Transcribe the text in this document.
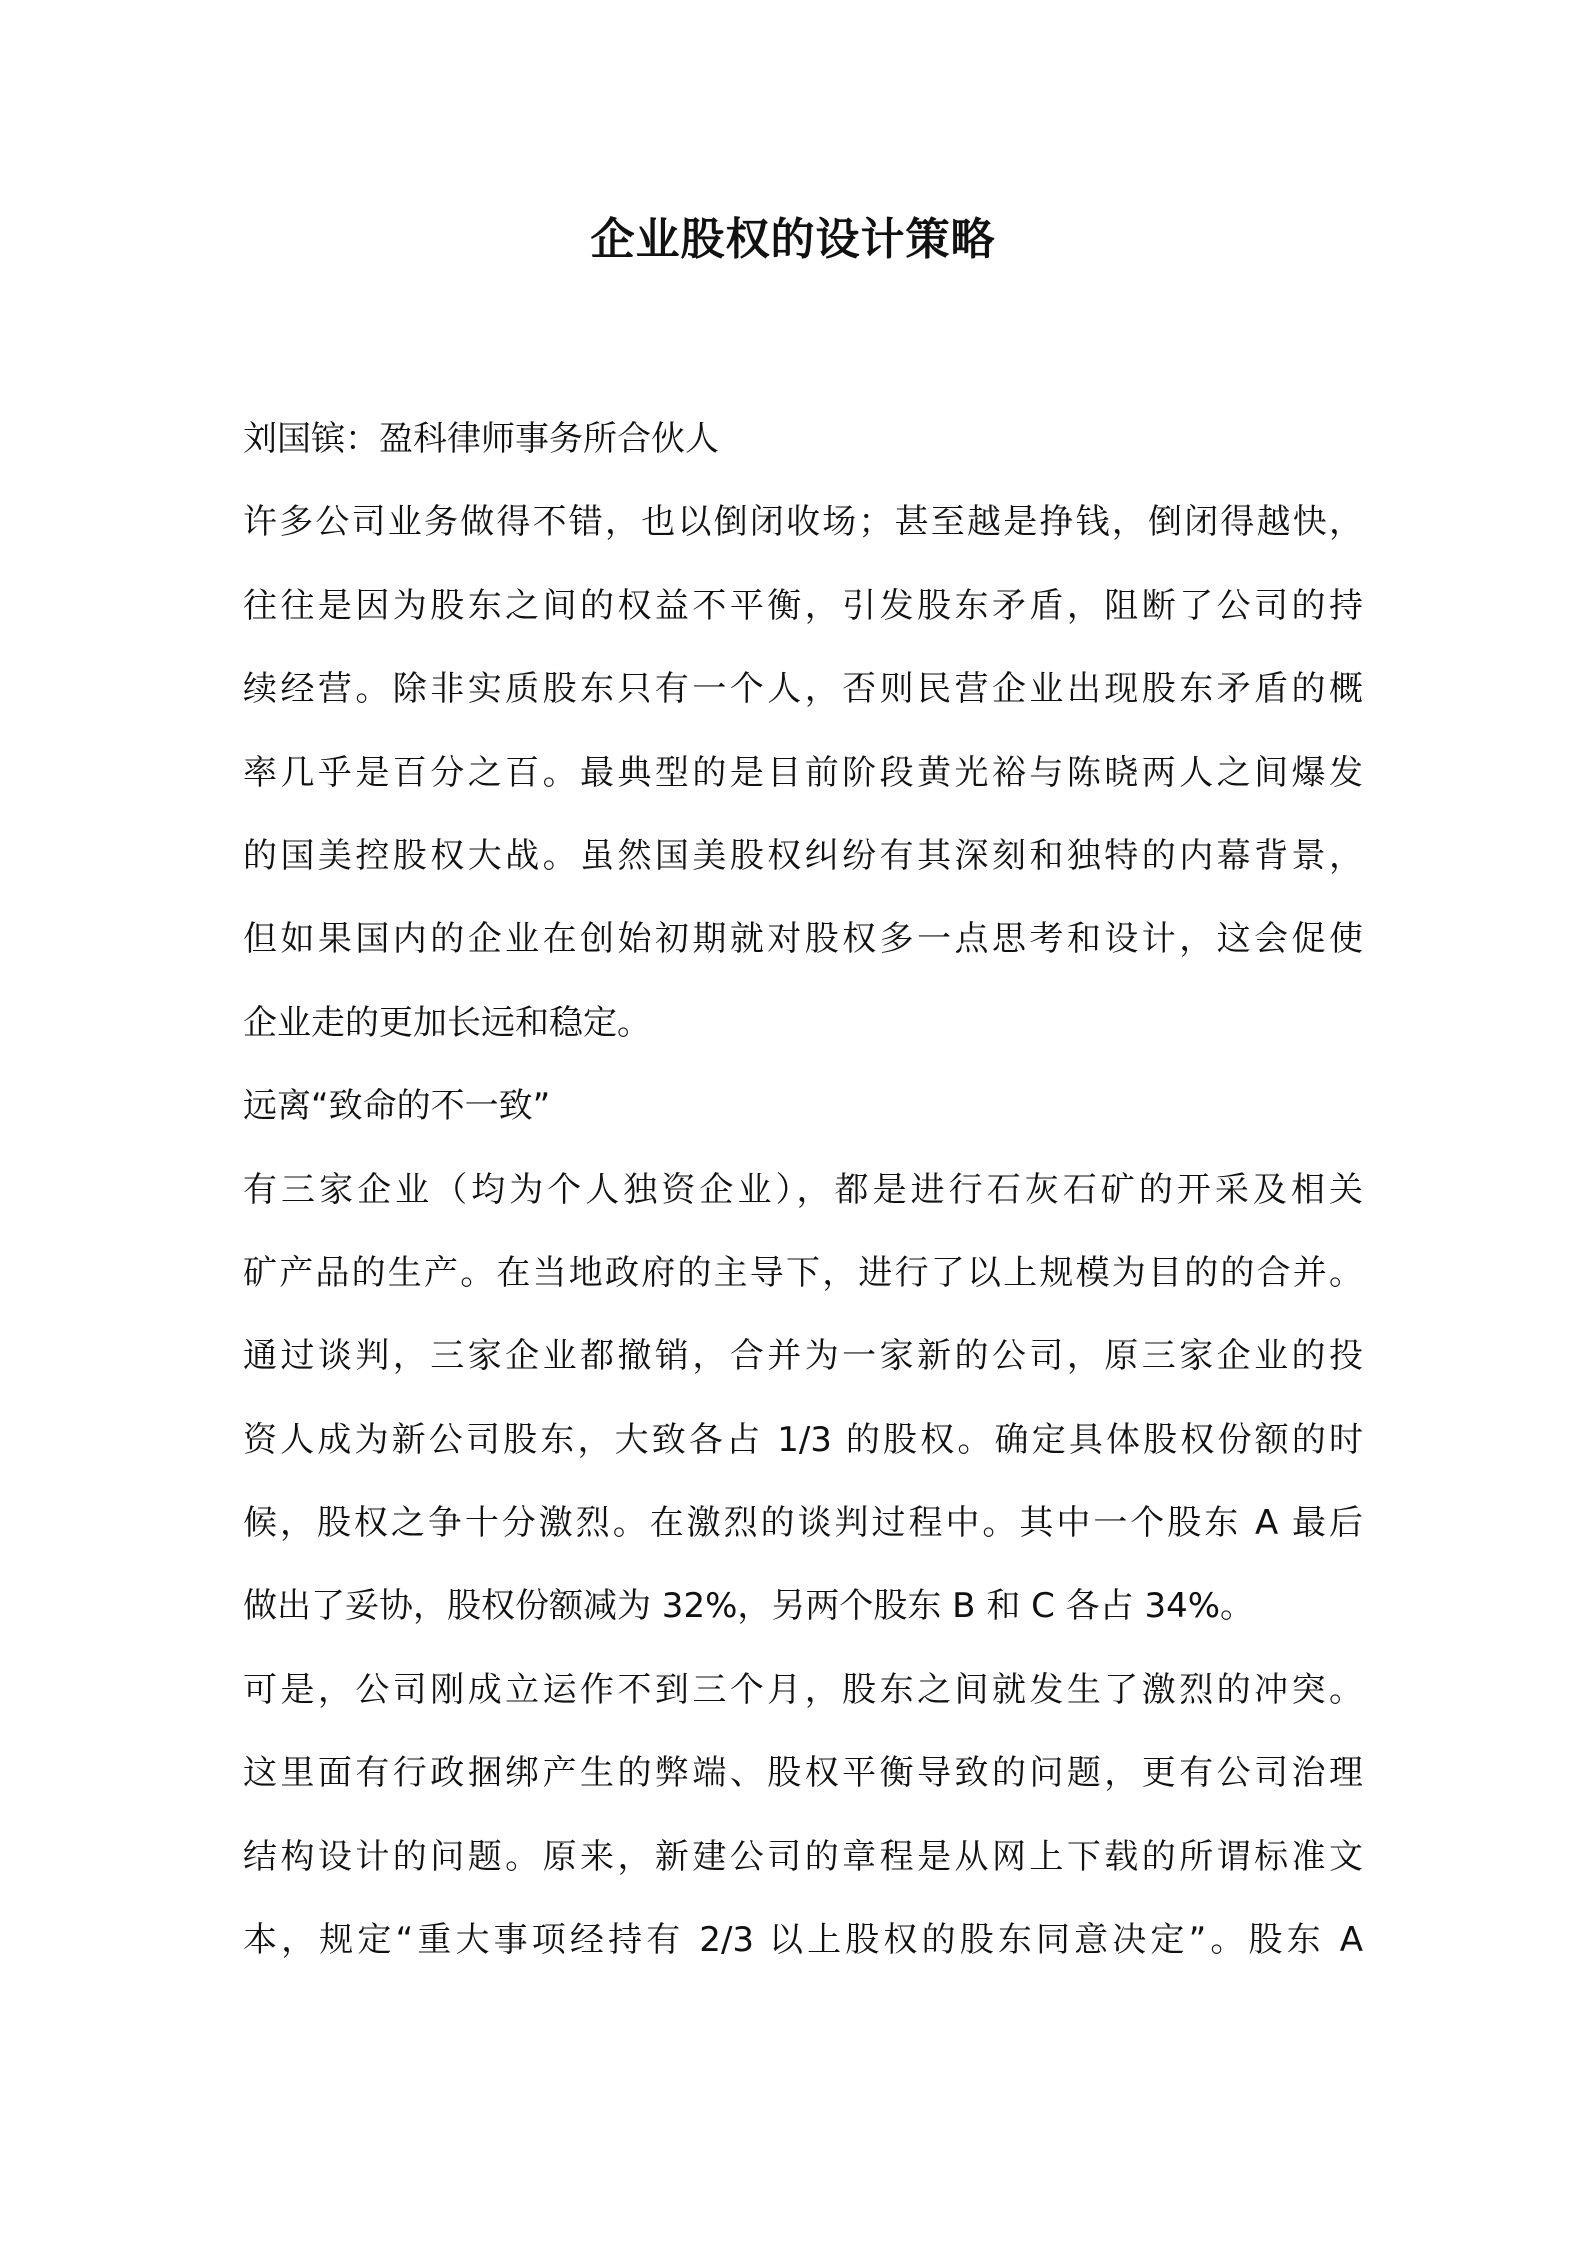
企业股权的设计策略
刘国镔：盈科律师事务所合伙人
许多公司业务做得不错，也以倒闭收场；甚至越是挣钱，倒闭得越快，
往往是因为股东之间的权益不平衡，引发股东矛盾，阻断了公司的持
续经营。除非实质股东只有一个人，否则民营企业出现股东矛盾的概
率几乎是百分之百。最典型的是目前阶段黄光裕与陈晓两人之间爆发
的国美控股权大战。虽然国美股权纠纷有其深刻和独特的内幕背景，
但如果国内的企业在创始初期就对股权多一点思考和设计，这会促使
企业走的更加长远和稳定。
远离“致命的不一致”
有三家企业（均为个人独资企业），都是进行石灰石矿的开采及相关
矿产品的生产。在当地政府的主导下，进行了以上规模为目的的合并。
通过谈判，三家企业都撤销，合并为一家新的公司，原三家企业的投
资人成为新公司股东，大致各占 1/3 的股权。确定具体股权份额的时
候，股权之争十分激烈。在激烈的谈判过程中。其中一个股东 A 最后
做出了妥协，股权份额减为 32%，另两个股东 B 和 C 各占 34%。
可是，公司刚成立运作不到三个月，股东之间就发生了激烈的冲突。
这里面有行政捆绑产生的弊端、股权平衡导致的问题，更有公司治理
结构设计的问题。原来，新建公司的章程是从网上下载的所谓标准文
本，规定“重大事项经持有 2/3 以上股权的股东同意决定”。股东 A
